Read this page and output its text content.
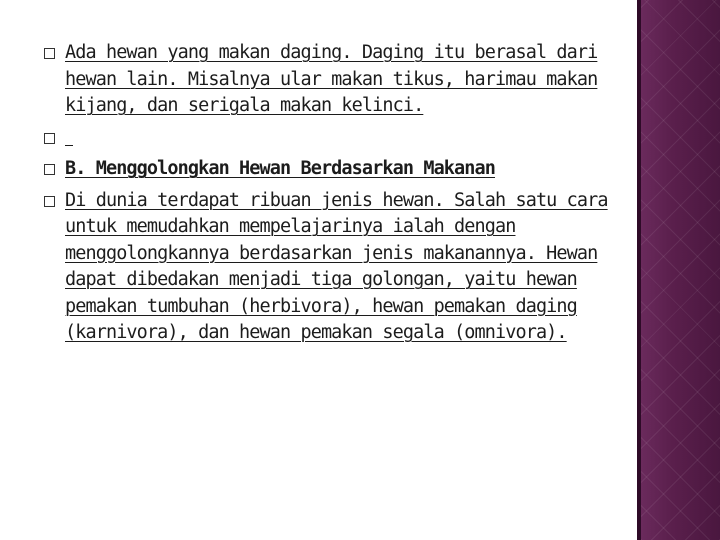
Ada hewan yang makan daging. Daging itu berasal dari hewan lain. Misalnya ular makan tikus, harimau makan kijang, dan serigala makan kelinci.
B. Menggolongkan Hewan Berdasarkan Makanan
Di dunia terdapat ribuan jenis hewan. Salah satu cara untuk memudahkan mempelajarinya ialah dengan menggolongkannya berdasarkan jenis makanannya. Hewan dapat dibedakan menjadi tiga golongan, yaitu hewan pemakan tumbuhan (herbivora), hewan pemakan daging (karnivora), dan hewan pemakan segala (omnivora).
